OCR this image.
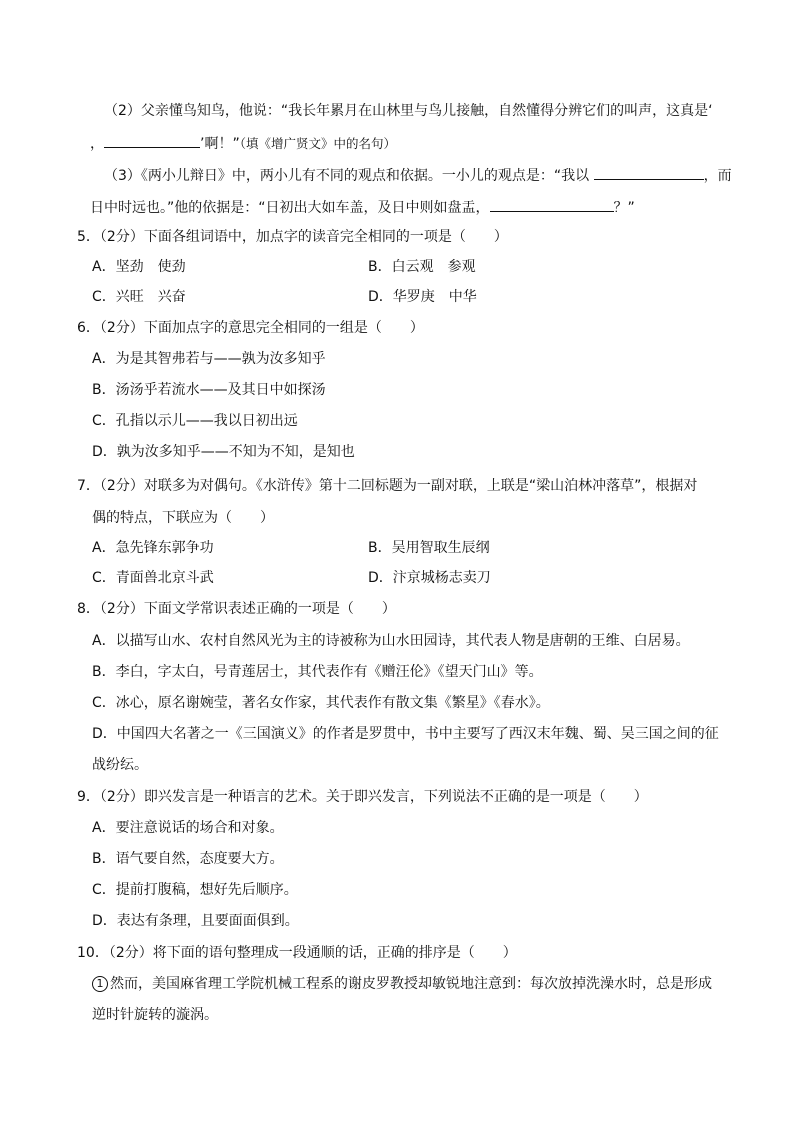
（2）父亲懂鸟知鸟，他说：“我长年累月在山林里与鸟儿接触，自然懂得分辨它们的叫声，这真是‘
，	’啊！”（填《增广贤文》中的名句）
（3）《两小儿辩日》中，两小儿有不同的观点和依据。一小儿的观点是：“我以	，而
日中时远也。”他的依据是：“日初出大如车盖，及日中则如盘盂，	？”
5．（2分）下面各组词语中，加点字的读音完全相同的一项是（　　）
A．坚劲　使劲	B．白云观　参观
C．兴旺　兴奋	D．华罗庚　中华
6．（2分）下面加点字的意思完全相同的一组是（　　）
A．为是其智弗若与——孰为汝多知乎
B．汤汤乎若流水——及其日中如探汤
C．孔指以示儿——我以日初出远
D．孰为汝多知乎——不知为不知，是知也
7．（2分）对联多为对偶句。《水浒传》第十二回标题为一副对联，上联是“梁山泊林冲落草”，根据对
偶的特点，下联应为（　　）
A．急先锋东郭争功	B．吴用智取生辰纲
C．青面兽北京斗武	D．汴京城杨志卖刀
8．（2分）下面文学常识表述正确的一项是（　　）
A．以描写山水、农村自然风光为主的诗被称为山水田园诗，其代表人物是唐朝的王维、白居易。
B．李白，字太白，号青莲居士，其代表作有《赠汪伦》《望天门山》等。
C．冰心，原名谢婉莹，著名女作家，其代表作有散文集《繁星》《春水》。
D．中国四大名著之一《三国演义》的作者是罗贯中，书中主要写了西汉末年魏、蜀、吴三国之间的征
战纷纭。
9．（2分）即兴发言是一种语言的艺术。关于即兴发言，下列说法不正确的是一项是（　　）
A．要注意说话的场合和对象。
B．语气要自然，态度要大方。
C．提前打腹稿，想好先后顺序。
D．表达有条理，且要面面俱到。
10．（2分）将下面的语句整理成一段通顺的话，正确的排序是（　　）
1 然而，美国麻省理工学院机械工程系的谢皮罗教授却敏锐地注意到：每次放掉洗澡水时，总是形成
逆时针旋转的漩涡。
